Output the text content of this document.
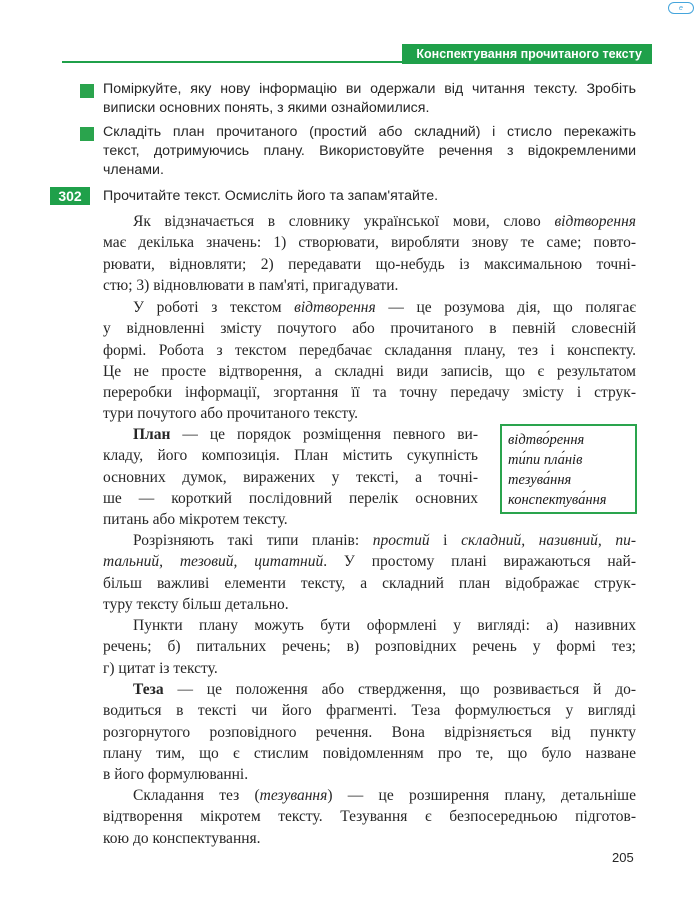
e
Конспектування прочитаного тексту

Поміркуйте, яку нову інформацію ви одержали від читання тексту. Зробіть
виписки основних понять, з якими ознайомилися.

Складіть план прочитаного (простий або складний) і стисло перекажіть
текст, дотримуючись плану. Використовуйте речення з відокремленими
членами.

302	Прочитайте текст. Осмисліть його та запам'ятайте.

Як відзначається в словнику української мови, слово відтворення
має декілька значень: 1) створювати, виробляти знову те саме; повто-
рювати, відновляти; 2) передавати що-небудь із максимальною точні-
стю; 3) відновлювати в пам'яті, пригадувати.
У роботі з текстом відтворення — це розумова дія, що полягає
у відновленні змісту почутого або прочитаного в певній словесній
формі. Робота з текстом передбачає складання плану, тез і конспекту.
Це не просте відтворення, а складні види записів, що є результатом
переробки інформації, згортання її та точну передачу змісту і струк-
тури почутого або прочитаного тексту.
План — це порядок розміщення певного ви-
кладу, його композиція. План містить сукупність
основних думок, виражених у тексті, а точні-
ше — короткий послідовний перелік основних
питань або мікротем тексту.
відтво́рення
ти́пи пла́нів
тезува́ння
конспектува́ння
Розрізняють такі типи планів: простий і складний, називний, пи-
тальний, тезовий, цитатний. У простому плані виражаються най-
більш важливі елементи тексту, а складний план відображає струк-
туру тексту більш детально.
Пункти плану можуть бути оформлені у вигляді: а) називних
речень; б) питальних речень; в) розповідних речень у формі тез;
г) цитат із тексту.
Теза — це положення або ствердження, що розвивається й до-
водиться в тексті чи його фрагменті. Теза формулюється у вигляді
розгорнутого розповідного речення. Вона відрізняється від пункту
плану тим, що є стислим повідомленням про те, що було назване
в його формулюванні.
Складання тез (тезування) — це розширення плану, детальніше
відтворення мікротем тексту. Тезування є безпосередньою підготов-
кою до конспектування.
205
